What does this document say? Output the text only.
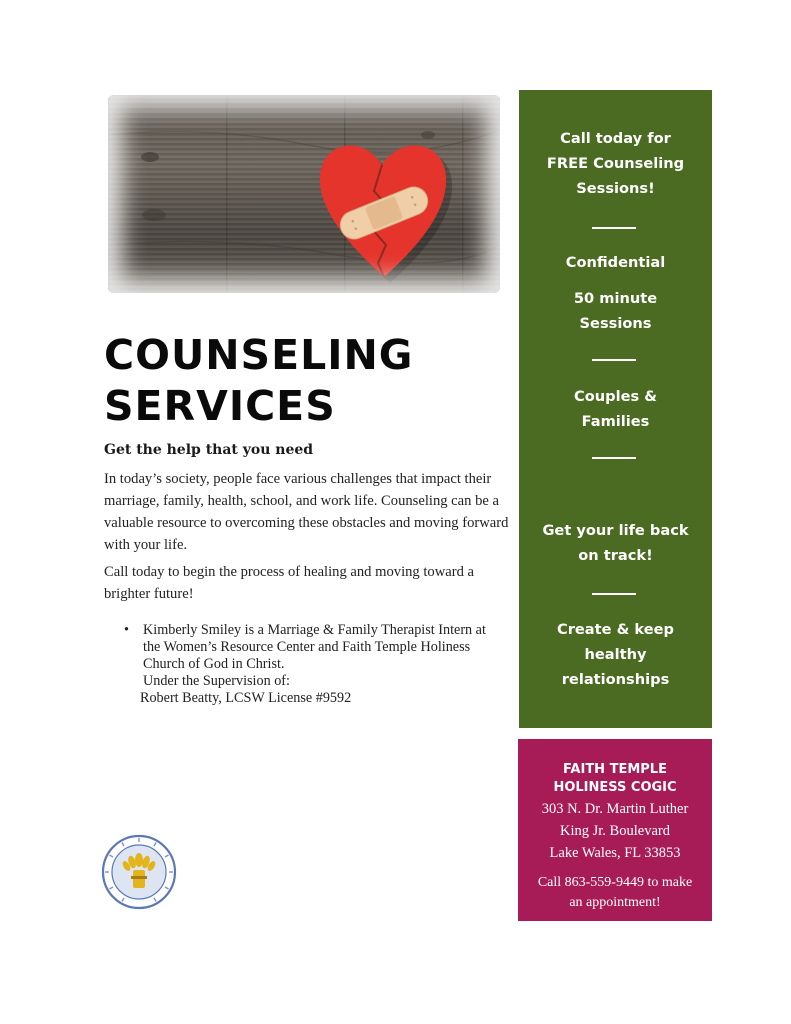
COUNSELING
SERVICES
Get the help that you need

In today’s society, people face various challenges that impact their marriage, family, health, school, and work life. Counseling can be a valuable resource to overcoming these obstacles and moving forward with your life.

Call today to begin the process of healing and moving toward a brighter future!

• Kimberly Smiley is a Marriage & Family Therapist Intern at
the Women’s Resource Center and Faith Temple Holiness
Church of God in Christ.
Under the Supervision of:
Robert Beatty, LCSW License #9592
Call today for
FREE Counseling
Sessions!
Confidential
50 minute
Sessions
Couples &
Families
Get your life back
on track!
Create & keep
healthy
relationships
FAITH TEMPLE
HOLINESS COGIC
303 N. Dr. Martin Luther
King Jr. Boulevard
Lake Wales, FL 33853
Call 863-559-9449 to make
an appointment!
